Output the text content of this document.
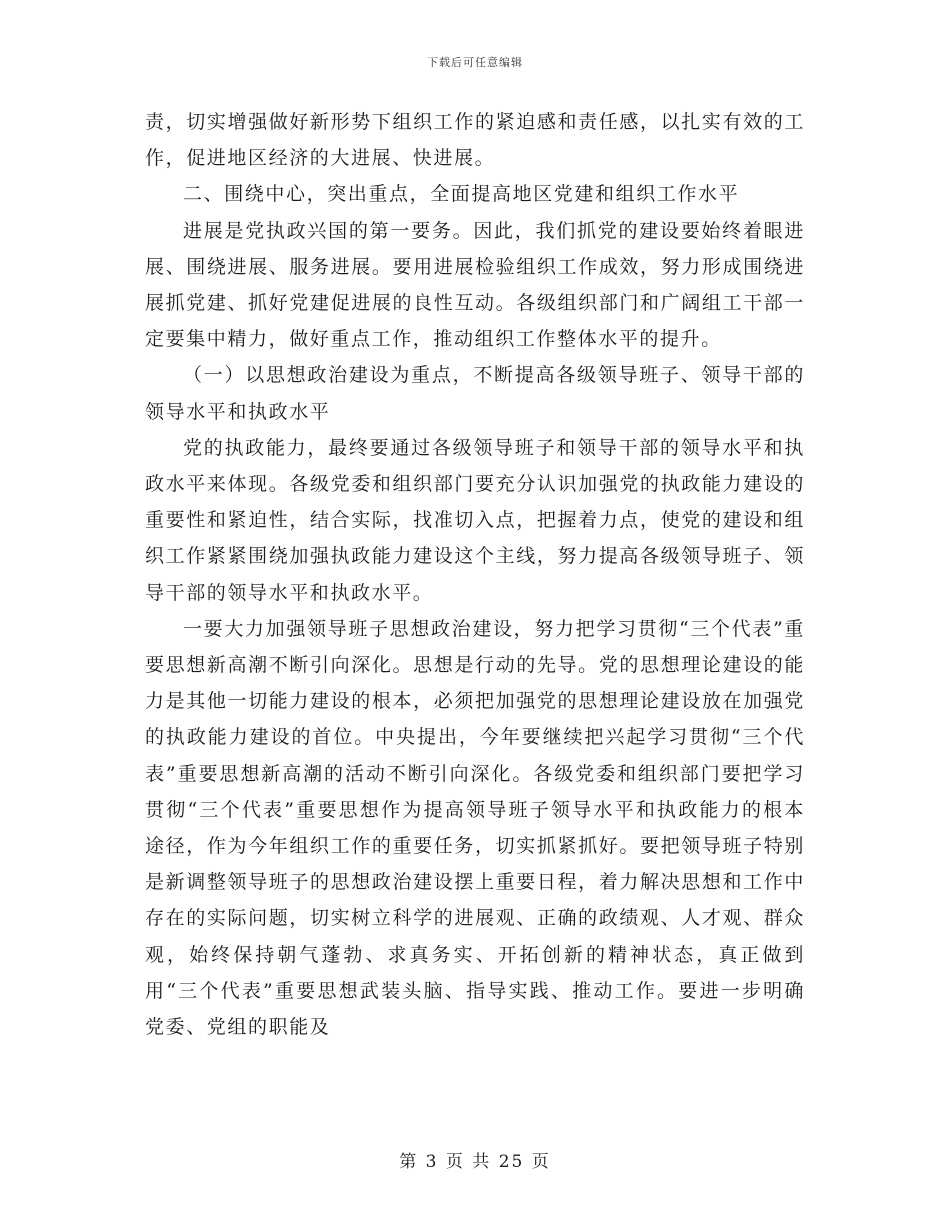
下载后可任意编辑

责，切实增强做好新形势下组织工作的紧迫感和责任感，以扎实有效的工作，促进地区经济的大进展、快进展。

二、围绕中心，突出重点，全面提高地区党建和组织工作水平

进展是党执政兴国的第一要务。因此，我们抓党的建设要始终着眼进展、围绕进展、服务进展。要用进展检验组织工作成效，努力形成围绕进展抓党建、抓好党建促进展的良性互动。各级组织部门和广阔组工干部一定要集中精力，做好重点工作，推动组织工作整体水平的提升。

（一）以思想政治建设为重点，不断提高各级领导班子、领导干部的领导水平和执政水平

党的执政能力，最终要通过各级领导班子和领导干部的领导水平和执政水平来体现。各级党委和组织部门要充分认识加强党的执政能力建设的重要性和紧迫性，结合实际，找准切入点，把握着力点，使党的建设和组织工作紧紧围绕加强执政能力建设这个主线，努力提高各级领导班子、领导干部的领导水平和执政水平。

一要大力加强领导班子思想政治建设，努力把学习贯彻“三个代表”重要思想新高潮不断引向深化。思想是行动的先导。党的思想理论建设的能力是其他一切能力建设的根本，必须把加强党的思想理论建设放在加强党的执政能力建设的首位。中央提出，今年要继续把兴起学习贯彻“三个代表”重要思想新高潮的活动不断引向深化。各级党委和组织部门要把学习贯彻“三个代表”重要思想作为提高领导班子领导水平和执政能力的根本途径，作为今年组织工作的重要任务，切实抓紧抓好。要把领导班子特别是新调整领导班子的思想政治建设摆上重要日程，着力解决思想和工作中存在的实际问题，切实树立科学的进展观、正确的政绩观、人才观、群众观，始终保持朝气蓬勃、求真务实、开拓创新的精神状态，真正做到用“三个代表”重要思想武装头脑、指导实践、推动工作。要进一步明确党委、党组的职能及

第 3 页 共 25 页
